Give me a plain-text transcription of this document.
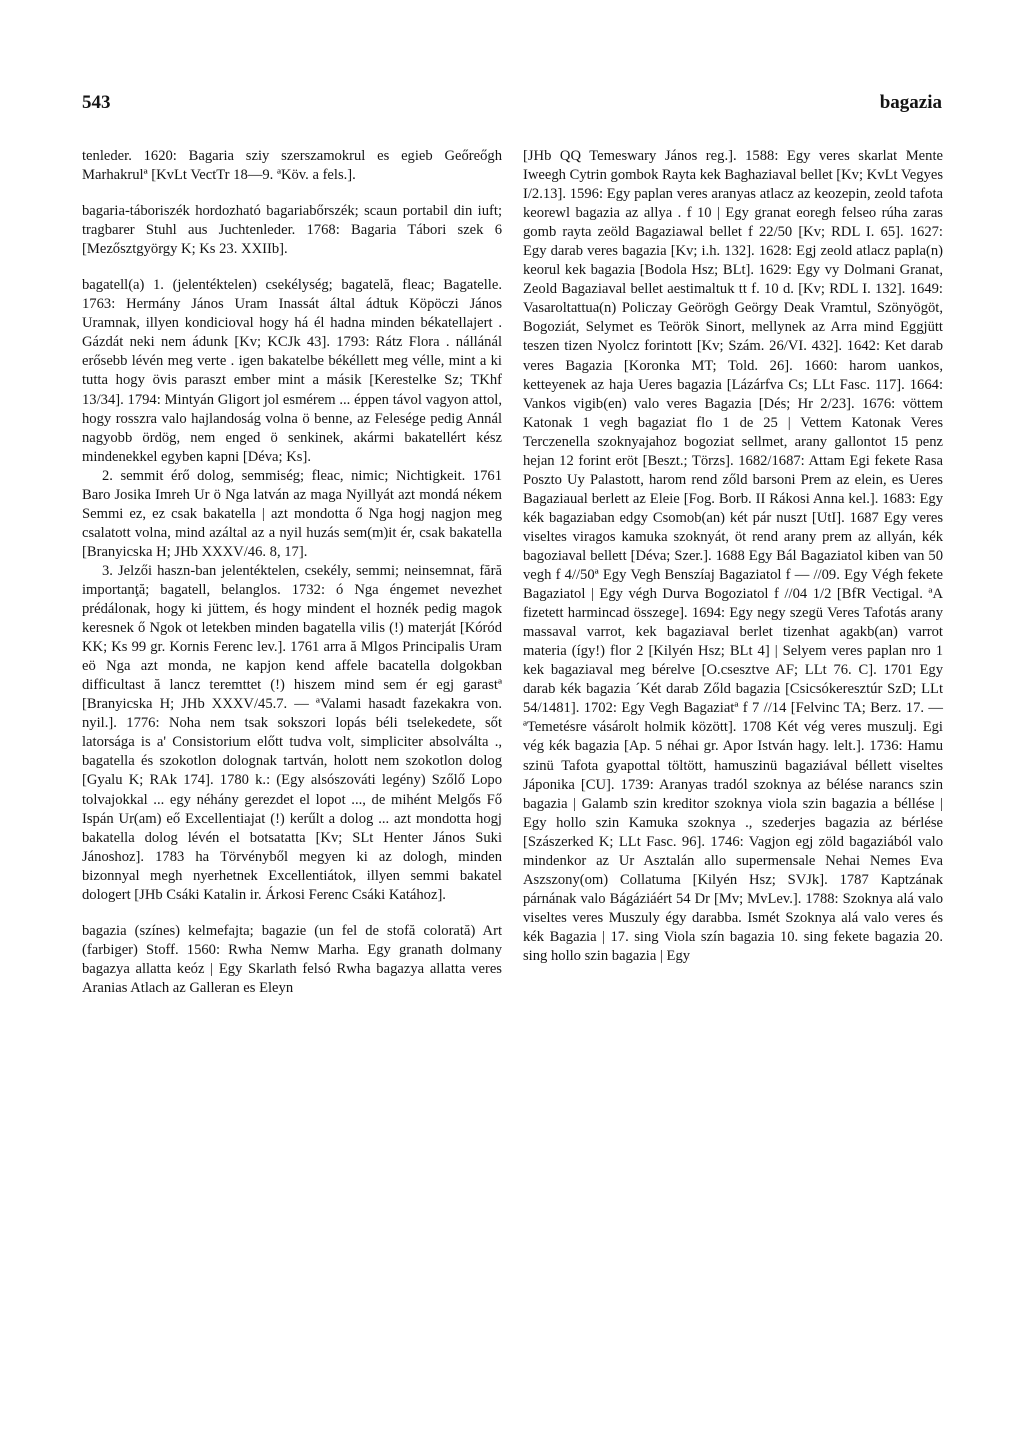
543	bagazia

tenleder. 1620: Bagaria sziy szerszamokrul es egieb Geőreőgh Marhakrulª [KvLt VectTr 18—9. ªKöv. a fels.].

bagaria-táboriszék hordozható bagariabőrszék; scaun portabil din iuft; tragbarer Stuhl aus Juchtenleder. 1768: Bagaria Tábori szek 6 [Mezősztgyörgy K; Ks 23. XXIIb].

bagatell(a) 1. (jelentéktelen) csekélység; bagatelă, fleac; Bagatelle. 1763: Hermány János Uram Inassát által ádtuk Köpöczi János Uramnak, illyen kondicioval hogy há él hadna minden békatellajert . Gázdát neki nem ádunk [Kv; KCJk 43]. 1793: Rátz Flora . nállánál erősebb lévén meg verte . igen bakatelbe békéllett meg vélle, mint a ki tutta hogy övis paraszt ember mint a másik [Kerestelke Sz; TKhf 13/34]. 1794: Mintyán Gligort jol esmérem ... éppen távol vagyon attol, hogy rosszra valo hajlandoság volna ö benne, az Felesége pedig Annál nagyobb ördög, nem enged ö senkinek, akármi bakatellért kész mindenekkel egyben kapni [Déva; Ks].

2. semmit érő dolog, semmiség; fleac, nimic; Nichtigkeit. 1761 Baro Josika Imreh Ur ö Nga latván az maga Nyillyát azt mondá nékem Semmi ez, ez csak bakatella | azt mondotta ő Nga hogj nagjon meg csalatott volna, mind azáltal az a nyil huzás sem(m)it ér, csak bakatella [Branyicska H; JHb XXXV/46. 8, 17].

3. Jelzői haszn-ban jelentéktelen, csekély, semmi; neinsemnat, fără importanţă; bagatell, belanglos. 1732: ó Nga éngemet nevezhet prédálonak, hogy ki jüttem, és hogy mindent el hoznék pedig magok keresnek ő Ngok ot letekben minden bagatella vilis (!) materját [Kóród KK; Ks 99 gr. Kornis Ferenc lev.]. 1761 arra ă Mlgos Principalis Uram eö Nga azt monda, ne kapjon kend affele bacatella dolgokban difficultast ă lancz teremttet (!) hiszem mind sem ér egj garastª [Branyicska H; JHb XXXV/45.7. — ªValami hasadt fazekakra von. nyil.]. 1776: Noha nem tsak sokszori lopás béli tselekedete, sőt latorsága is a' Consistorium előtt tudva volt, simpliciter absolválta ., bagatella és szokotlon dolognak tartván, holott nem szokotlon dolog [Gyalu K; RAk 174]. 1780 k.: (Egy alsószováti legény) Szőlő Lopo tolvajokkal ... egy néhány gerezdet el lopot ..., de mihént Melgős Fő Ispán Ur(am) eő Excellentiajat (!) kerűlt a dolog ... azt mondotta hogj bakatella dolog lévén el botsatatta [Kv; SLt Henter János Suki Jánoshoz]. 1783 ha Törvényből megyen ki az dologh, minden bizonnyal megh nyerhetnek Excellentiátok, illyen semmi bakatel dologert [JHb Csáki Katalin ir. Árkosi Ferenc Csáki Katához].

bagazia (színes) kelmefajta; bagazie (un fel de stofă colorată) Art (farbiger) Stoff. 1560: Rwha Nemw Marha. Egy granath dolmany bagazya allatta keóz | Egy Skarlath felsó Rwha bagazya allatta veres Aranias Atlach az Galleran es Eleyn

[JHb QQ Temeswary János reg.]. 1588: Egy veres skarlat Mente Iweegh Cytrin gombok Rayta kek Baghaziaval bellet [Kv; KvLt Vegyes I/2.13]. 1596: Egy paplan veres aranyas atlacz az keozepin, zeold tafota keorewl bagazia az allya . f 10 | Egy granat eoregh felseo rúha zaras gomb rayta zeöld Bagaziawal bellet f 22/50 [Kv; RDL I. 65]. 1627: Egy darab veres bagazia [Kv; i.h. 132]. 1628: Egj zeold atlacz papla(n) keorul kek bagazia [Bodola Hsz; BLt]. 1629: Egy vy Dolmani Granat, Zeold Bagaziaval bellet aestimaltuk tt f. 10 d. [Kv; RDL I. 132]. 1649: Vasaroltattua(n) Policzay Geörögh Geörgy Deak Vramtul, Szönyögöt, Bogoziát, Selymet es Teörök Sinort, mellynek az Arra mind Eggjütt teszen tizen Nyolcz forintott [Kv; Szám. 26/VI. 432]. 1642: Ket darab veres Bagazia [Koronka MT; Told. 26]. 1660: harom uankos, ketteyenek az haja Ueres bagazia [Lázárfva Cs; LLt Fasc. 117]. 1664: Vankos vigib(en) valo veres Bagazia [Dés; Hr 2/23]. 1676: vöttem Katonak 1 vegh bagaziat flo 1 de 25 | Vettem Katonak Veres Terczenella szoknyajahoz bogoziat sellmet, arany gallontot 15 penz hejan 12 forint eröt [Beszt.; Törzs]. 1682/1687: Attam Egi fekete Rasa Poszto Uy Palastott, harom rend zőld barsoni Prem az elein, es Ueres Bagaziaual berlett az Eleie [Fog. Borb. II Rákosi Anna kel.]. 1683: Egy kék bagaziaban edgy Csomob(an) két pár nuszt [UtI]. 1687 Egy veres viseltes viragos kamuka szoknyát, öt rend arany prem az allyán, kék bagoziaval bellett [Déva; Szer.]. 1688 Egy Bál Bagaziatol kiben van 50 vegh f 4//50ª Egy Vegh Benszíaj Bagaziatol f — //09. Egy Végh fekete Bagaziatol | Egy végh Durva Bogoziatol f //04 1/2 [BfR Vectigal. ªA fizetett harmincad összege]. 1694: Egy negy szegü Veres Tafotás arany massaval varrot, kek bagaziaval berlet tizenhat agakb(an) varrot materia (így!) flor 2 [Kilyén Hsz; BLt 4] | Selyem veres paplan nro 1 kek bagaziaval meg bérelve [O.csesztve AF; LLt 76. C]. 1701 Egy darab kék bagazia ´Két darab Zőld bagazia [Csicsókeresztúr SzD; LLt 54/1481]. 1702: Egy Vegh Bagaziatª f 7 //14 [Felvinc TA; Berz. 17. — ªTemetésre vásárolt holmik között]. 1708 Két vég veres muszulj. Egi vég kék bagazia [Ap. 5 néhai gr. Apor István hagy. lelt.]. 1736: Hamu szinü Tafota gyapottal töltött, hamuszinü bagaziával béllett viseltes Jáponika [CU]. 1739: Aranyas tradól szoknya az bélése narancs szin bagazia | Galamb szin kreditor szoknya viola szin bagazia a béllése | Egy hollo szin Kamuka szoknya ., szederjes bagazia az bérlése [Szászerked K; LLt Fasc. 96]. 1746: Vagjon egj zöld bagaziából valo mindenkor az Ur Asztalán allo supermensale Nehai Nemes Eva Aszszony(om) Collatuma [Kilyén Hsz; SVJk]. 1787 Kaptzának párnának valo Bágáziáért 54 Dr [Mv; MvLev.]. 1788: Szoknya alá valo viseltes veres Muszuly égy darabba. Ismét Szoknya alá valo veres és kék Bagazia | 17. sing Viola szín bagazia 10. sing fekete bagazia 20. sing hollo szin bagazia | Egy
